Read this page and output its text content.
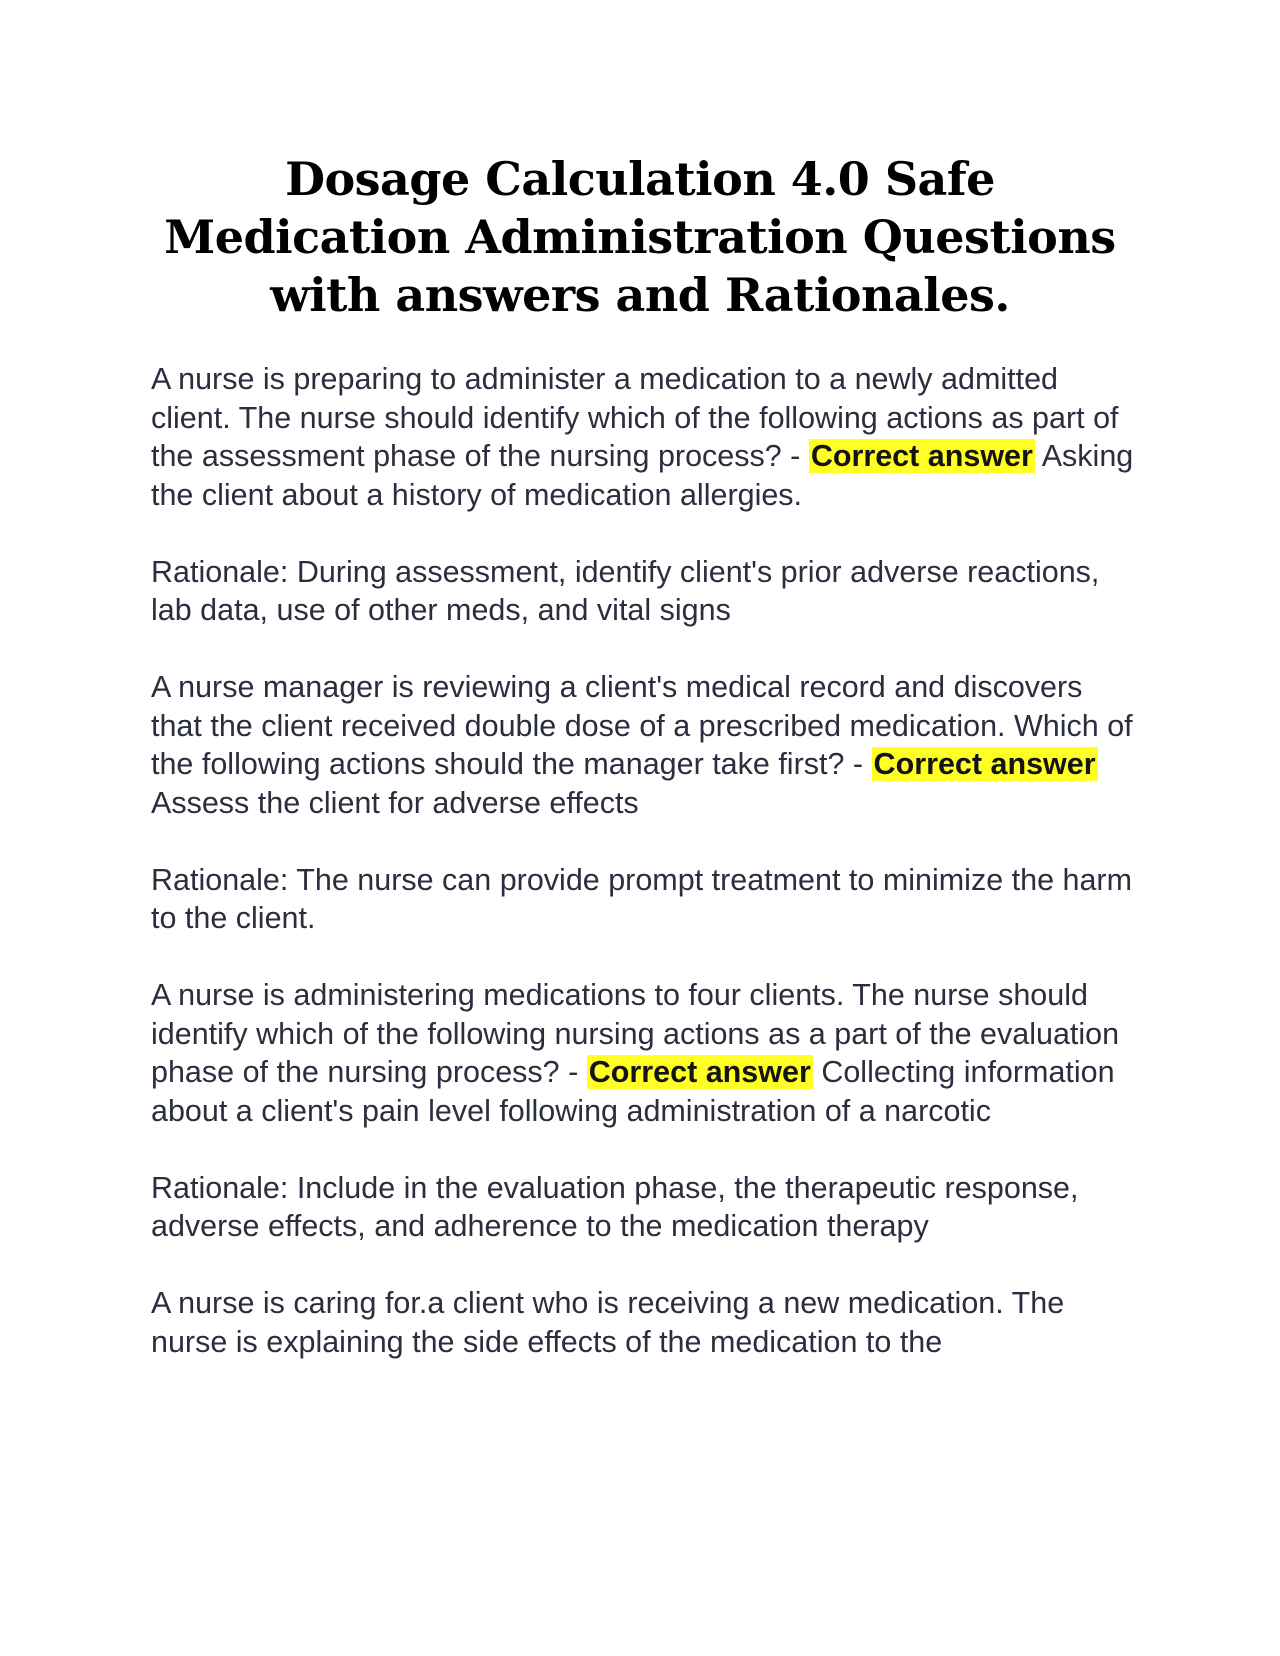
Dosage Calculation 4.0 Safe Medication Administration Questions with answers and Rationales.

A nurse is preparing to administer a medication to a newly admitted client. The nurse should identify which of the following actions as part of the assessment phase of the nursing process? - Correct answer Asking the client about a history of medication allergies.

Rationale: During assessment, identify client's prior adverse reactions, lab data, use of other meds, and vital signs

A nurse manager is reviewing a client's medical record and discovers that the client received double dose of a prescribed medication. Which of the following actions should the manager take first? - Correct answer Assess the client for adverse effects

Rationale: The nurse can provide prompt treatment to minimize the harm to the client.

A nurse is administering medications to four clients. The nurse should identify which of the following nursing actions as a part of the evaluation phase of the nursing process? - Correct answer Collecting information about a client's pain level following administration of a narcotic

Rationale: Include in the evaluation phase, the therapeutic response, adverse effects, and adherence to the medication therapy

A nurse is caring for.a client who is receiving a new medication. The nurse is explaining the side effects of the medication to the
